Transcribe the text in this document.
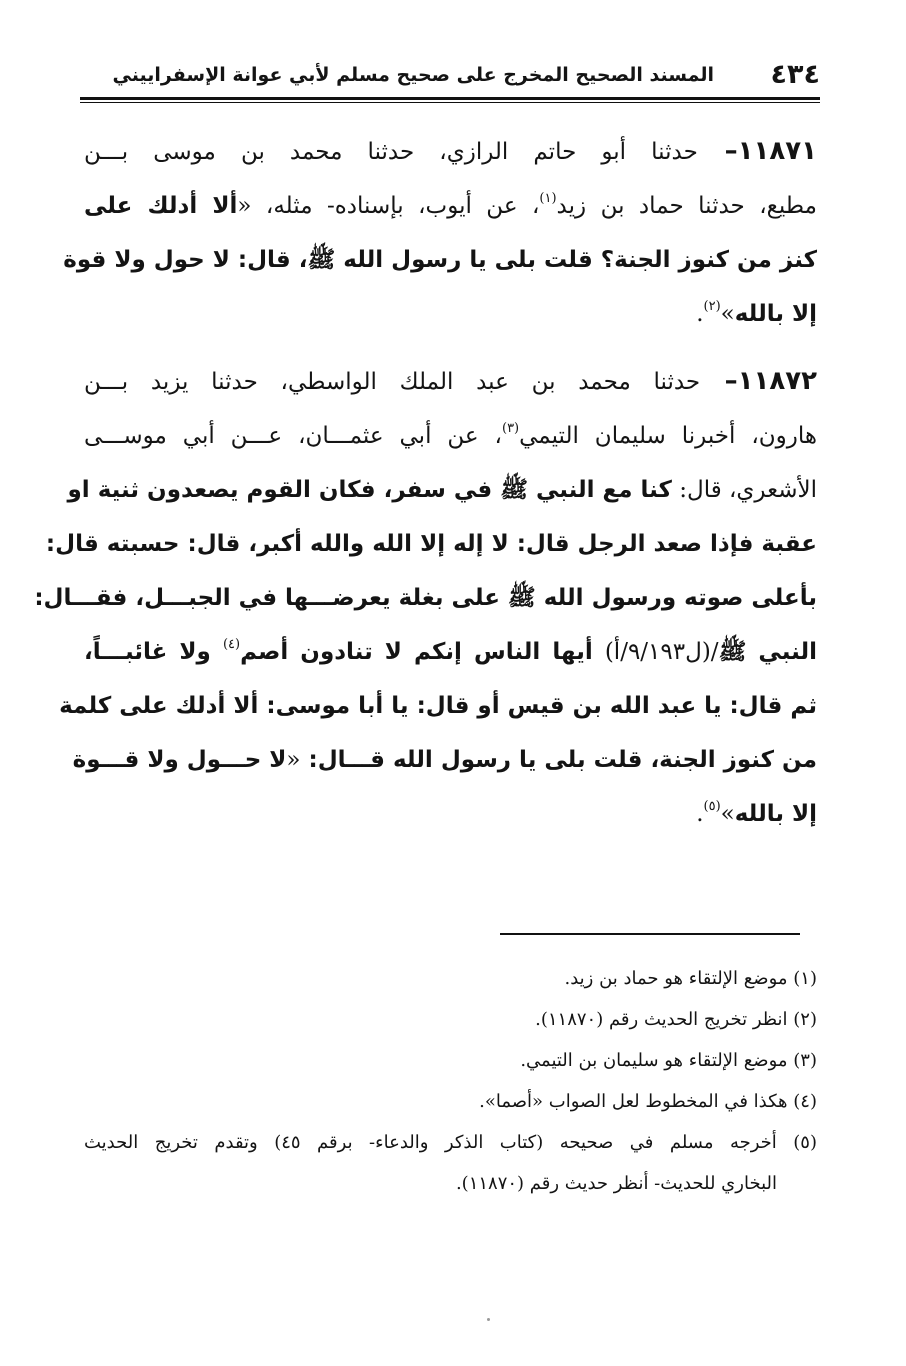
٤٣٤
المسند الصحيح المخرج على صحيح مسلم لأبي عوانة الإسفراييني
١١٨٧١– حدثنا أبو حاتم الرازي، حدثنا محمد بن موسى بـــن
مطيع، حدثنا حماد بن زيد$^{(١)}$، عن أيوب، بإسناده- مثله، «ألا أدلك على
كنز من كنوز الجنة؟ قلت بلى يا رسول الله ﷺ، قال: لا حول ولا قوة
إلا بالله»$^{(٢)}$.
١١٨٧٢– حدثنا محمد بن عبد الملك الواسطي، حدثنا يزيد بـــن
هارون، أخبرنا سليمان التيمي$^{(٣)}$، عن أبي عثمـــان، عـــن أبي موســـى
الأشعري، قال: كنا مع النبي ﷺ في سفر، فكان القوم يصعدون ثنية او
عقبة فإذا صعد الرجل قال: لا إله إلا الله والله أكبر، قال: حسبته قال:
بأعلى صوته ورسول الله ﷺ على بغلة يعرضـــها في الجبـــل، فقـــال:
النبي ﷺ/(ل٩/١٩٣/أ) أيها الناس إنكم لا تنادون أصم$^{(٤)}$ ولا غائبـــاً،
ثم قال: يا عبد الله بن قيس أو قال: يا أبا موسى: ألا أدلك على كلمة
من كنوز الجنة، قلت بلى يا رسول الله قـــال: «لا حـــول ولا قـــوة
إلا بالله»$^{(٥)}$.
(١) موضع الإلتقاء هو حماد بن زيد.
(٢) انظر تخريج الحديث رقم (١١٨٧٠).
(٣) موضع الإلتقاء هو سليمان بن التيمي.
(٤) هكذا في المخطوط لعل الصواب «أصما».
(٥) أخرجه مسلم في صحيحه (كتاب الذكر والدعاء- برقم ٤٥) وتقدم تخريج الحديث
البخاري للحديث- أنظر حديث رقم (١١٨٧٠).
